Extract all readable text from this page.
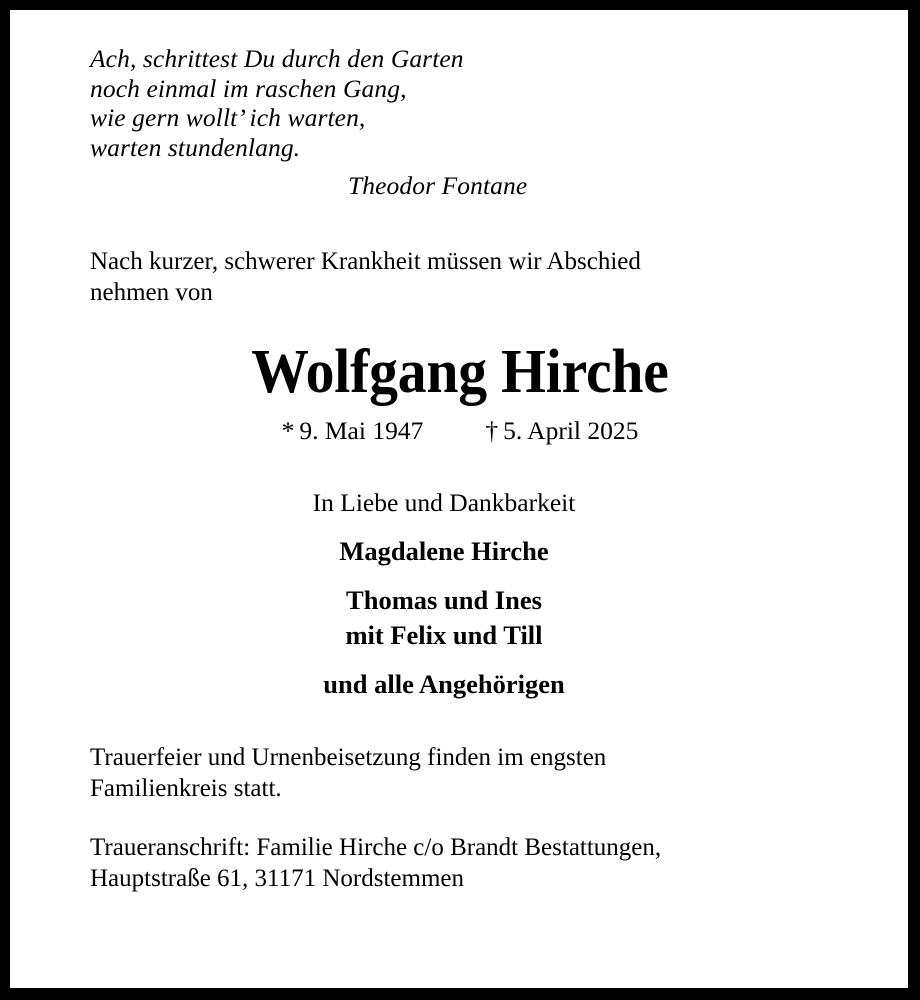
Ach, schrittest Du durch den Garten
noch einmal im raschen Gang,
wie gern wollt’ ich warten,
warten stundenlang.
Theodor Fontane
Nach kurzer, schwerer Krankheit müssen wir Abschied
nehmen von
Wolfgang Hirche
* 9. Mai 1947 † 5. April 2025
In Liebe und Dankbarkeit
Magdalene Hirche
Thomas und Ines
mit Felix und Till
und alle Angehörigen
Trauerfeier und Urnenbeisetzung finden im engsten
Familienkreis statt.
Traueranschrift: Familie Hirche c/o Brandt Bestattungen,
Hauptstraße 61, 31171 Nordstemmen
